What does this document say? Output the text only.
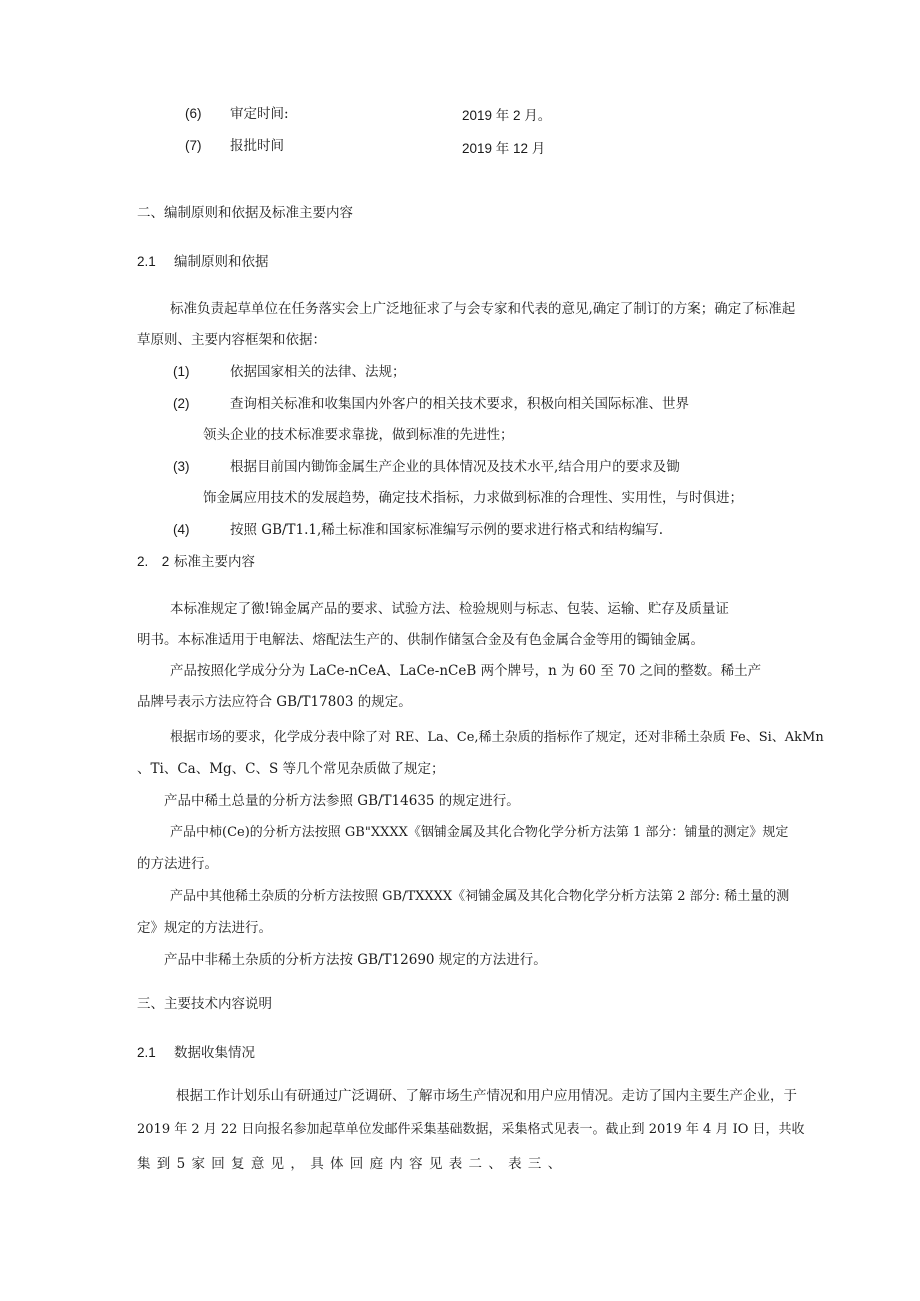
(6) 审定时间:	2019 年 2 月。
(7) 报批时间	2019 年 12 月
二、编制原则和依据及标准主要内容
2.1 编制原则和依据
标准负责起草单位在任务落实会上广泛地征求了与会专家和代表的意见,确定了制订的方案；确定了标准起
草原则、主要内容框架和依据：
(1)	依据国家相关的法律、法规；
(2)	查询相关标准和收集国内外客户的相关技术要求，积极向相关国际标准、世界
领头企业的技术标准要求靠拢，做到标准的先进性；
(3)	根据目前国内锄饰金属生产企业的具体情况及技术水平,结合用户的要求及锄
饰金属应用技术的发展趋势，确定技术指标，力求做到标准的合理性、实用性，与时俱进；
(4)	按照 GB/T1.1,稀土标准和国家标准编写示例的要求进行格式和结构编写.
2.　2 标准主要内容
本标准规定了徼!锦金属产品的要求、试验方法、检验规则与标志、包装、运输、贮存及质量证
明书。本标准适用于电解法、熔配法生产的、供制作储氢合金及有色金属合金等用的镯铀金属。
产品按照化学成分分为 LaCe-nCeA、LaCe-nCeB 两个牌号，n 为 60 至 70 之间的整数。稀土产
品牌号表示方法应符合 GB/T17803 的规定。
根据市场的要求，化学成分表中除了对 RE、La、Ce,稀土杂质的指标作了规定，还对非稀土杂质 Fe、Si、AkMn
、Ti、Ca、Mg、C、S 等几个常见杂质做了规定；
产品中稀土总量的分析方法参照 GB/T14635 的规定进行。
产品中柿(Ce)的分析方法按照 GB"XXXX《铟铺金属及其化合物化学分析方法第 1 部分：铺量的测定》规定
的方法进行。
产品中其他稀土杂质的分析方法按照 GB/TXXXX《祠铺金属及其化合物化学分析方法第 2 部分: 稀土量的测
定》规定的方法进行。
产品中非稀土杂质的分析方法按 GB/T12690 规定的方法进行。
三、主要技术内容说明
2.1 数据收集情况
根据工作计划乐山有研通过广泛调研、了解市场生产情况和用户应用情况。走访了国内主要生产企业，于
2019 年 2 月 22 日向报名参加起草单位发邮件采集基础数据，采集格式见表一。截止到 2019 年 4 月 IO 日，共收
集 到 5 家 回 复 意 见 ， 具 体 回 庭 内 容 见 表 二 、 表 三 、
